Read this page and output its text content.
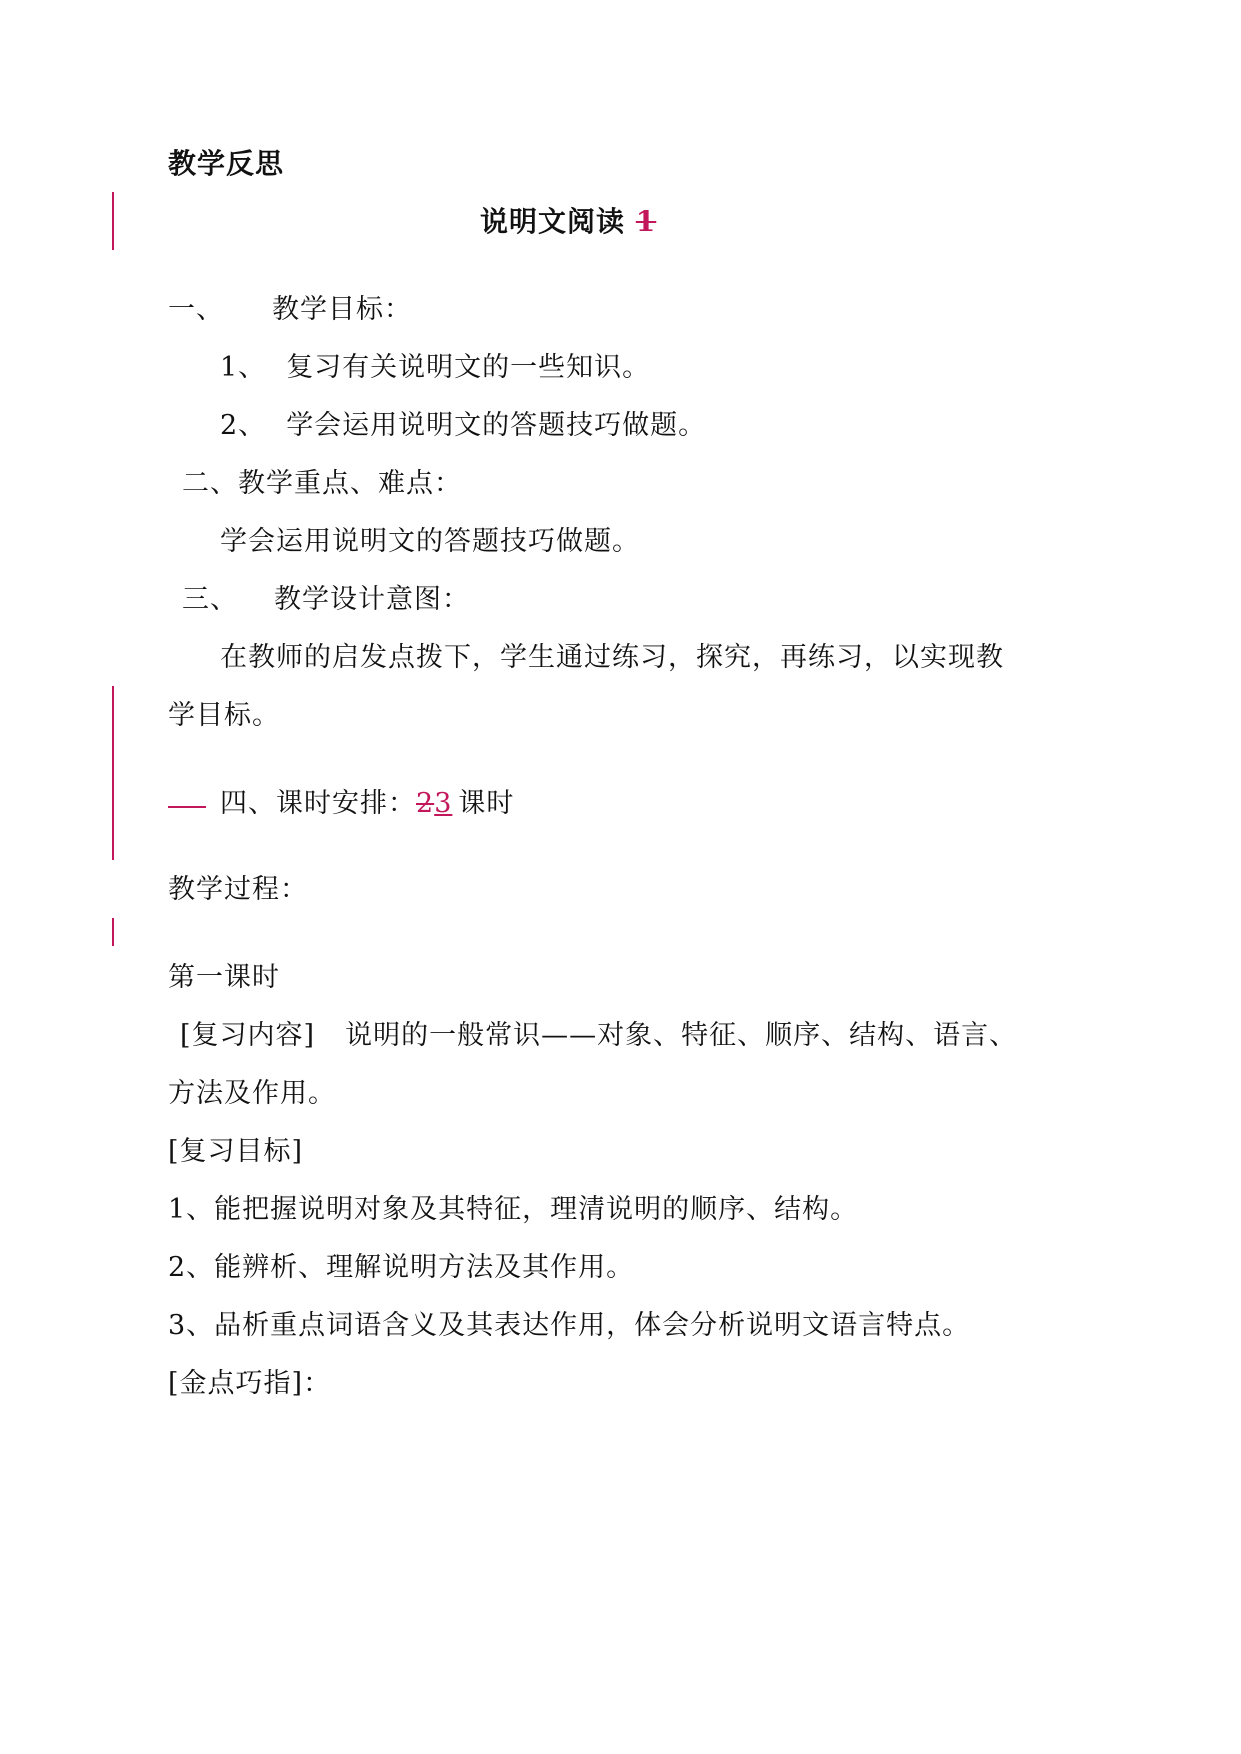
教学反思
说明文阅读 1
一、 教学目标：
1、 复习有关说明文的一些知识。
2、 学会运用说明文的答题技巧做题。
二、教学重点、难点：
学会运用说明文的答题技巧做题。
三、 教学设计意图：
在教师的启发点拨下，学生通过练习，探究，再练习，以实现教
学目标。
四、课时安排：23 课时
教学过程：
第一课时
[复习内容] 说明的一般常识——对象、特征、顺序、结构、语言、
方法及作用。
[复习目标]
1、能把握说明对象及其特征，理清说明的顺序、结构。
2、能辨析、理解说明方法及其作用。
3、品析重点词语含义及其表达作用，体会分析说明文语言特点。
[金点巧指]：
